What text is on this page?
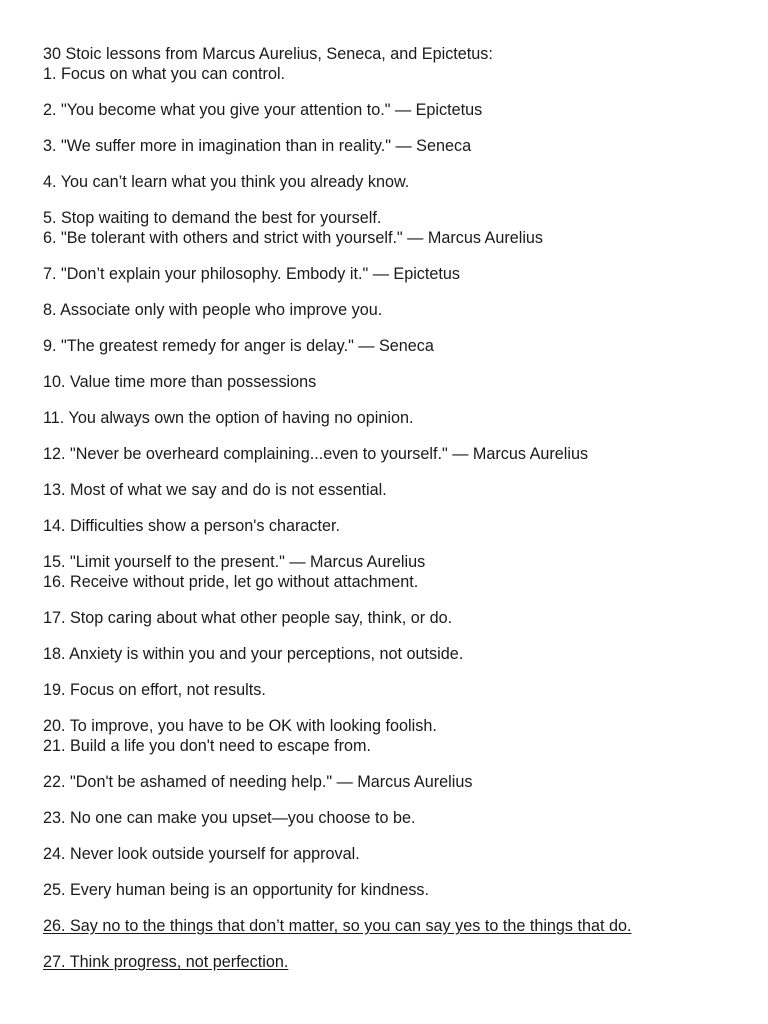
30 Stoic lessons from Marcus Aurelius, Seneca, and Epictetus:

1. Focus on what you can control.

2. "You become what you give your attention to." — Epictetus

3. "We suffer more in imagination than in reality." — Seneca

4. You can’t learn what you think you already know.

5. Stop waiting to demand the best for yourself.

6. "Be tolerant with others and strict with yourself." — Marcus Aurelius

7. "Don’t explain your philosophy. Embody it." — Epictetus

8. Associate only with people who improve you.

9. "The greatest remedy for anger is delay." — Seneca

10. Value time more than possessions

11. You always own the option of having no opinion.

12. "Never be overheard complaining...even to yourself." — Marcus Aurelius

13. Most of what we say and do is not essential.

14. Difficulties show a person's character.

15. "Limit yourself to the present." — Marcus Aurelius

16. Receive without pride, let go without attachment.

17. Stop caring about what other people say, think, or do.

18. Anxiety is within you and your perceptions, not outside.

19. Focus on effort, not results.

20. To improve, you have to be OK with looking foolish.

21. Build a life you don't need to escape from.

22. "Don't be ashamed of needing help." — Marcus Aurelius

23. No one can make you upset—you choose to be.

24. Never look outside yourself for approval.

25. Every human being is an opportunity for kindness.

26. Say no to the things that don’t matter, so you can say yes to the things that do.

27. Think progress, not perfection.
